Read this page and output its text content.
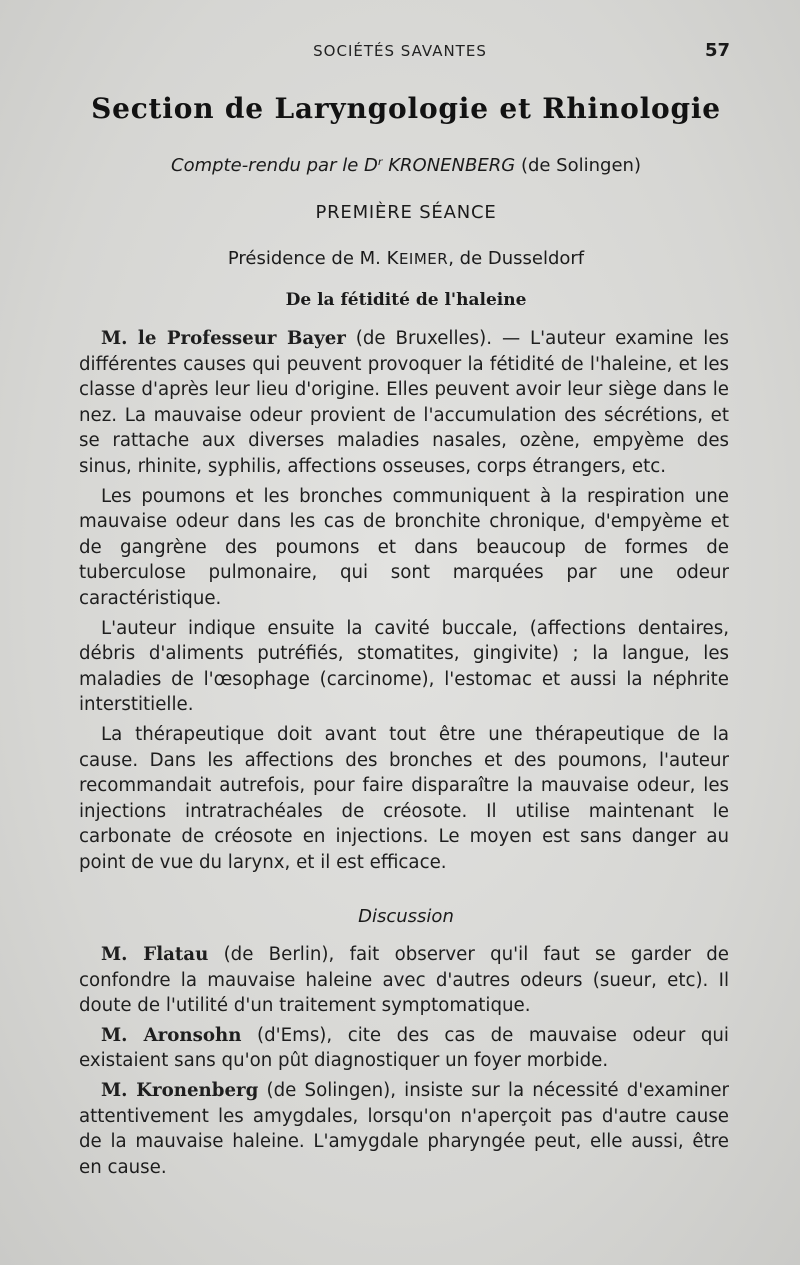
SOCIÉTÉS SAVANTES	57
Section de Laryngologie et Rhinologie
Compte-rendu par le Dʳ KRONENBERG (de Solingen)
PREMIÈRE SÉANCE
Présidence de M. KEIMER, de Dusseldorf
De la fétidité de l'haleine

M. le Professeur Bayer (de Bruxelles). — L'auteur examine les différentes causes qui peuvent provoquer la fétidité de l'haleine, et les classe d'après leur lieu d'origine. Elles peuvent avoir leur siège dans le nez. La mauvaise odeur provient de l'accumulation des sécrétions, et se rattache aux diverses maladies nasales, ozène, empyème des sinus, rhinite, syphilis, affections osseuses, corps étrangers, etc.

Les poumons et les bronches communiquent à la respiration une mauvaise odeur dans les cas de bronchite chronique, d'empyème et de gangrène des poumons et dans beaucoup de formes de tuberculose pulmonaire, qui sont marquées par une odeur caractéristique.

L'auteur indique ensuite la cavité buccale, (affections dentaires, débris d'aliments putréfiés, stomatites, gingivite) ; la langue, les maladies de l'œsophage (carcinome), l'estomac et aussi la néphrite interstitielle.

La thérapeutique doit avant tout être une thérapeutique de la cause. Dans les affections des bronches et des poumons, l'auteur recommandait autrefois, pour faire disparaître la mauvaise odeur, les injections intratrachéales de créosote. Il utilise maintenant le carbonate de créosote en injections. Le moyen est sans danger au point de vue du larynx, et il est efficace.

Discussion

M. Flatau (de Berlin), fait observer qu'il faut se garder de confondre la mauvaise haleine avec d'autres odeurs (sueur, etc). Il doute de l'utilité d'un traitement symptomatique.

M. Aronsohn (d'Ems), cite des cas de mauvaise odeur qui existaient sans qu'on pût diagnostiquer un foyer morbide.

M. Kronenberg (de Solingen), insiste sur la nécessité d'examiner attentivement les amygdales, lorsqu'on n'aperçoit pas d'autre cause de la mauvaise haleine. L'amygdale pharyngée peut, elle aussi, être en cause.
